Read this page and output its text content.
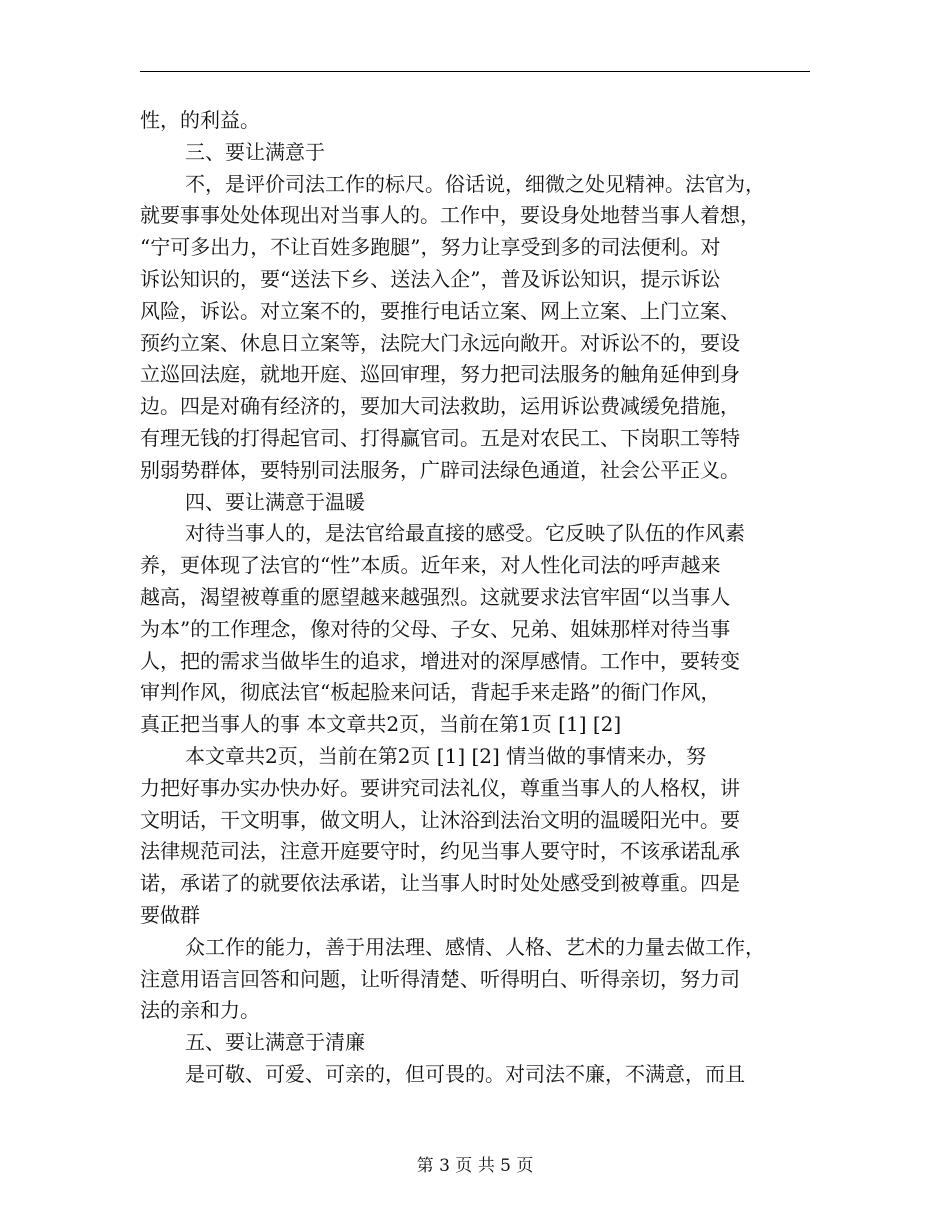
性，的利益。
三、要让满意于
不，是评价司法工作的标尺。俗话说，细微之处见精神。法官为，
就要事事处处体现出对当事人的。工作中，要设身处地替当事人着想，
“宁可多出力，不让百姓多跑腿”，努力让享受到多的司法便利。对
诉讼知识的，要“送法下乡、送法入企”，普及诉讼知识，提示诉讼
风险，诉讼。对立案不的，要推行电话立案、网上立案、上门立案、
预约立案、休息日立案等，法院大门永远向敞开。对诉讼不的，要设
立巡回法庭，就地开庭、巡回审理，努力把司法服务的触角延伸到身
边。四是对确有经济的，要加大司法救助，运用诉讼费减缓免措施，
有理无钱的打得起官司、打得赢官司。五是对农民工、下岗职工等特
别弱势群体，要特别司法服务，广辟司法绿色通道，社会公平正义。
四、要让满意于温暖
对待当事人的，是法官给最直接的感受。它反映了队伍的作风素
养，更体现了法官的“性”本质。近年来，对人性化司法的呼声越来
越高，渴望被尊重的愿望越来越强烈。这就要求法官牢固“以当事人
为本”的工作理念，像对待的父母、子女、兄弟、姐妹那样对待当事
人，把的需求当做毕生的追求，增进对的深厚感情。工作中，要转变
审判作风，彻底法官“板起脸来问话，背起手来走路”的衙门作风，
真正把当事人的事 本文章共2页，当前在第1页 [1] [2]
本文章共2页，当前在第2页 [1] [2] 情当做的事情来办，努
力把好事办实办快办好。要讲究司法礼仪，尊重当事人的人格权，讲
文明话，干文明事，做文明人，让沐浴到法治文明的温暖阳光中。要
法律规范司法，注意开庭要守时，约见当事人要守时，不该承诺乱承
诺，承诺了的就要依法承诺，让当事人时时处处感受到被尊重。四是
要做群
众工作的能力，善于用法理、感情、人格、艺术的力量去做工作，
注意用语言回答和问题，让听得清楚、听得明白、听得亲切，努力司
法的亲和力。
五、要让满意于清廉
是可敬、可爱、可亲的，但可畏的。对司法不廉，不满意，而且
第 3 页 共 5 页
